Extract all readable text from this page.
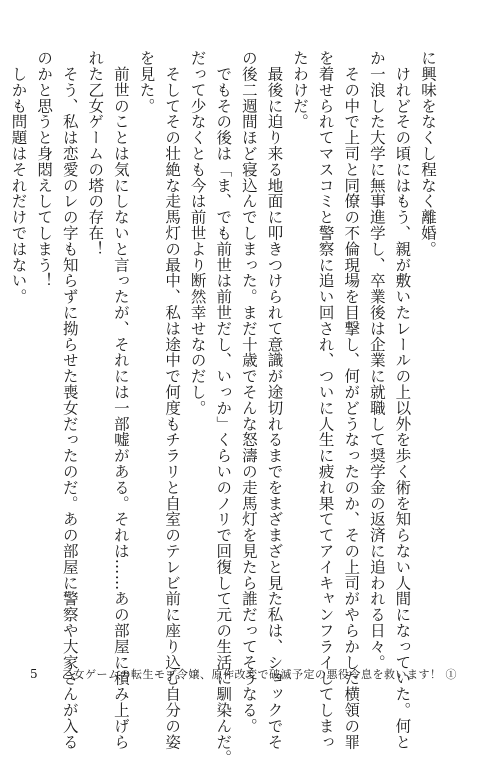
に興味をなくし程なく離婚。
　けれどその頃にはもう、親が敷いたレールの上以外を歩く術を知らない人間になっていた。何と
か一浪した大学に無事進学し、卒業後は企業に就職して奨学金の返済に追われる日々。
　その中で上司と同僚の不倫現場を目撃し、何がどうなったのか、その上司がやらかした横領の罪
を着せられてマスコミと警察に追い回され、ついに人生に疲れ果ててアイキャンフライしてしまっ
たわけだ。
　最後に迫り来る地面に叩きつけられて意識が途切れるまでをまざまざと見た私は、ショックでそ
の後二週間ほど寝込んでしまった。まだ十歳でそんな怒濤の走馬灯を見たら誰だってそうなる。
　でもその後は「ま、でも前世は前世だし、いっか」くらいのノリで回復して元の生活に馴染んだ。
だって少なくとも今は前世より断然幸せなのだし。
　そしてその壮絶な走馬灯の最中、私は途中で何度もチラリと自室のテレビ前に座り込む自分の姿
を見た。
　前世のことは気にしないと言ったが、それには一部嘘がある。それは……あの部屋に積み上げら
れた乙女ゲームの塔の存在！
　そう、私は恋愛のレの字も知らずに拗らせた喪女だったのだ。あの部屋に警察や大家さんが入る
のかと思うと身悶えしてしまう！
　しかも問題はそれだけではない。
5	乙女ゲームの転生モブ令嬢、原作改変で破滅予定の悪役令息を救います！ ①
